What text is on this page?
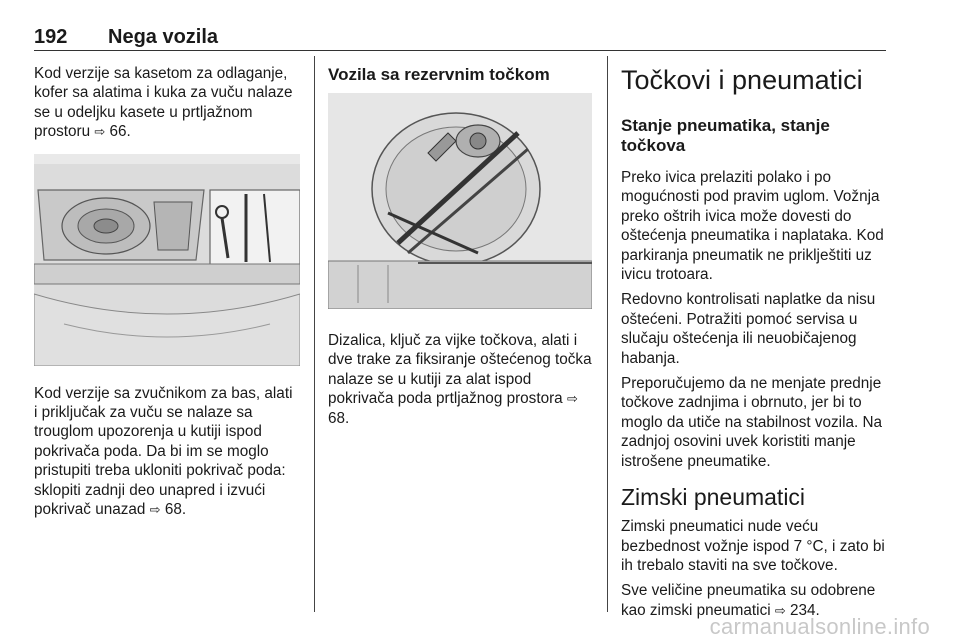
192 Nega vozila

Kod verzije sa kasetom za odlaganje, kofer sa alatima i kuka za vuču nalaze se u odeljku kasete u prtljažnom prostoru ⇨ 66.

Kod verzije sa zvučnikom za bas, alati i priključak za vuču se nalaze sa trouglom upozorenja u kutiji ispod pokrivača poda. Da bi im se moglo pristupiti treba ukloniti pokrivač poda: sklopiti zadnji deo unapred i izvući pokrivač unazad ⇨ 68.

Vozila sa rezervnim točkom

Dizalica, ključ za vijke točkova, alati i dve trake za fiksiranje oštećenog točka nalaze se u kutiji za alat ispod pokrivača poda prtljažnog prostora ⇨ 68.

Točkovi i pneumatici
Stanje pneumatika, stanje točkova

Preko ivica prelaziti polako i po mogućnosti pod pravim uglom. Vožnja preko oštrih ivica može dovesti do oštećenja pneumatika i naplataka. Kod parkiranja pneumatik ne priklještiti uz ivicu trotoara.

Redovno kontrolisati naplatke da nisu oštećeni. Potražiti pomoć servisa u slučaju oštećenja ili neuobičajenog habanja.

Preporučujemo da ne menjate prednje točkove zadnjima i obrnuto, jer bi to moglo da utiče na stabilnost vozila. Na zadnjoj osovini uvek koristiti manje istrošene pneumatike.

Zimski pneumatici

Zimski pneumatici nude veću bezbednost vožnje ispod 7 °C, i zato bi ih trebalo staviti na sve točkove.

Sve veličine pneumatika su odobrene kao zimski pneumatici ⇨ 234.

carmanualsonline.info
